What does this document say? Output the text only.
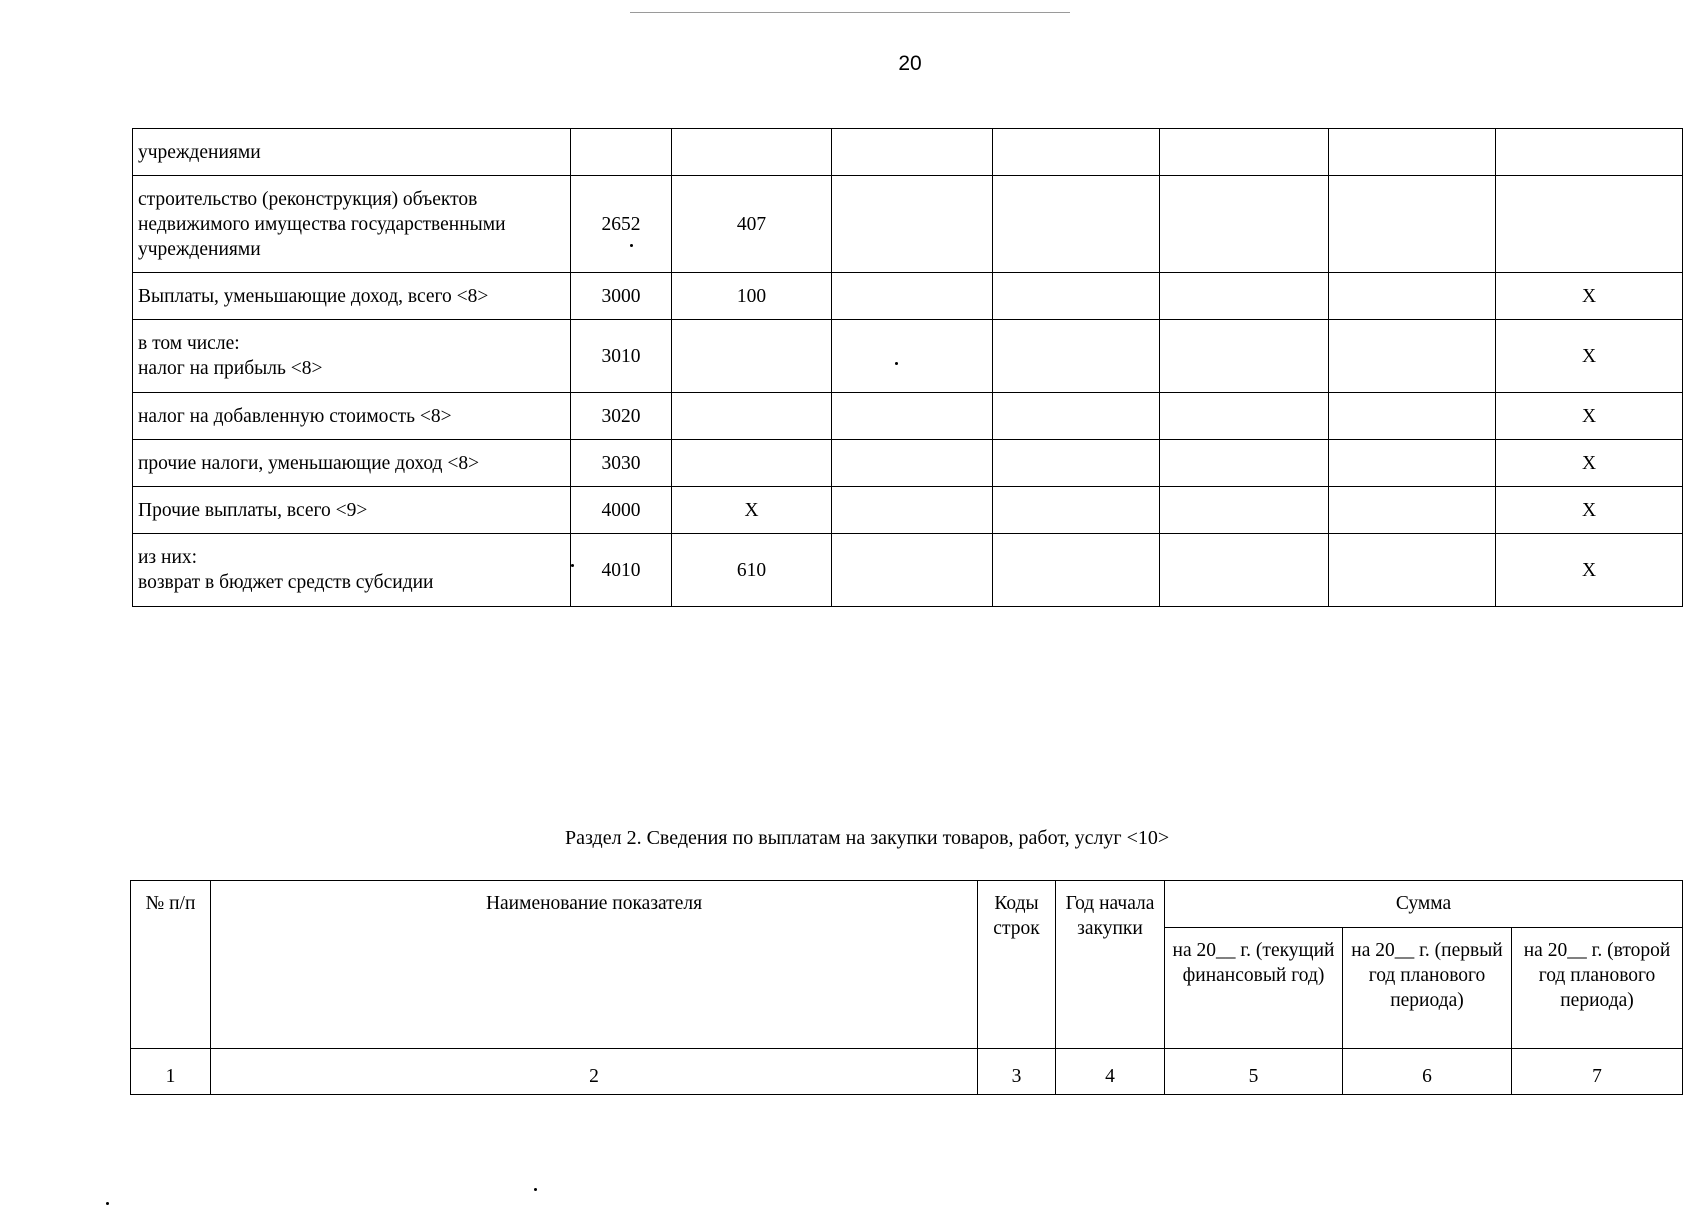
20
учреждениями							
строительство (реконструкция) объектов недвижимого имущества государственными учреждениями	2652	407					
Выплаты, уменьшающие доход, всего <8>	3000	100					X
в том числе:
налог на прибыль <8>	3010						X
налог на добавленную стоимость <8>	3020						X
прочие налоги, уменьшающие доход <8>	3030						X
Прочие выплаты, всего <9>	4000	X					X
из них:
возврат в бюджет средств субсидии	4010	610					X
Раздел 2. Сведения по выплатам на закупки товаров, работ, услуг <10>
№ п/п	Наименование показателя	Коды строк	Год начала закупки	Сумма		
				на 20__ г. (текущий финансовый год)	на 20__ г. (первый год планового периода)	на 20__ г. (второй год планового периода)
1	2	3	4	5	6	7
